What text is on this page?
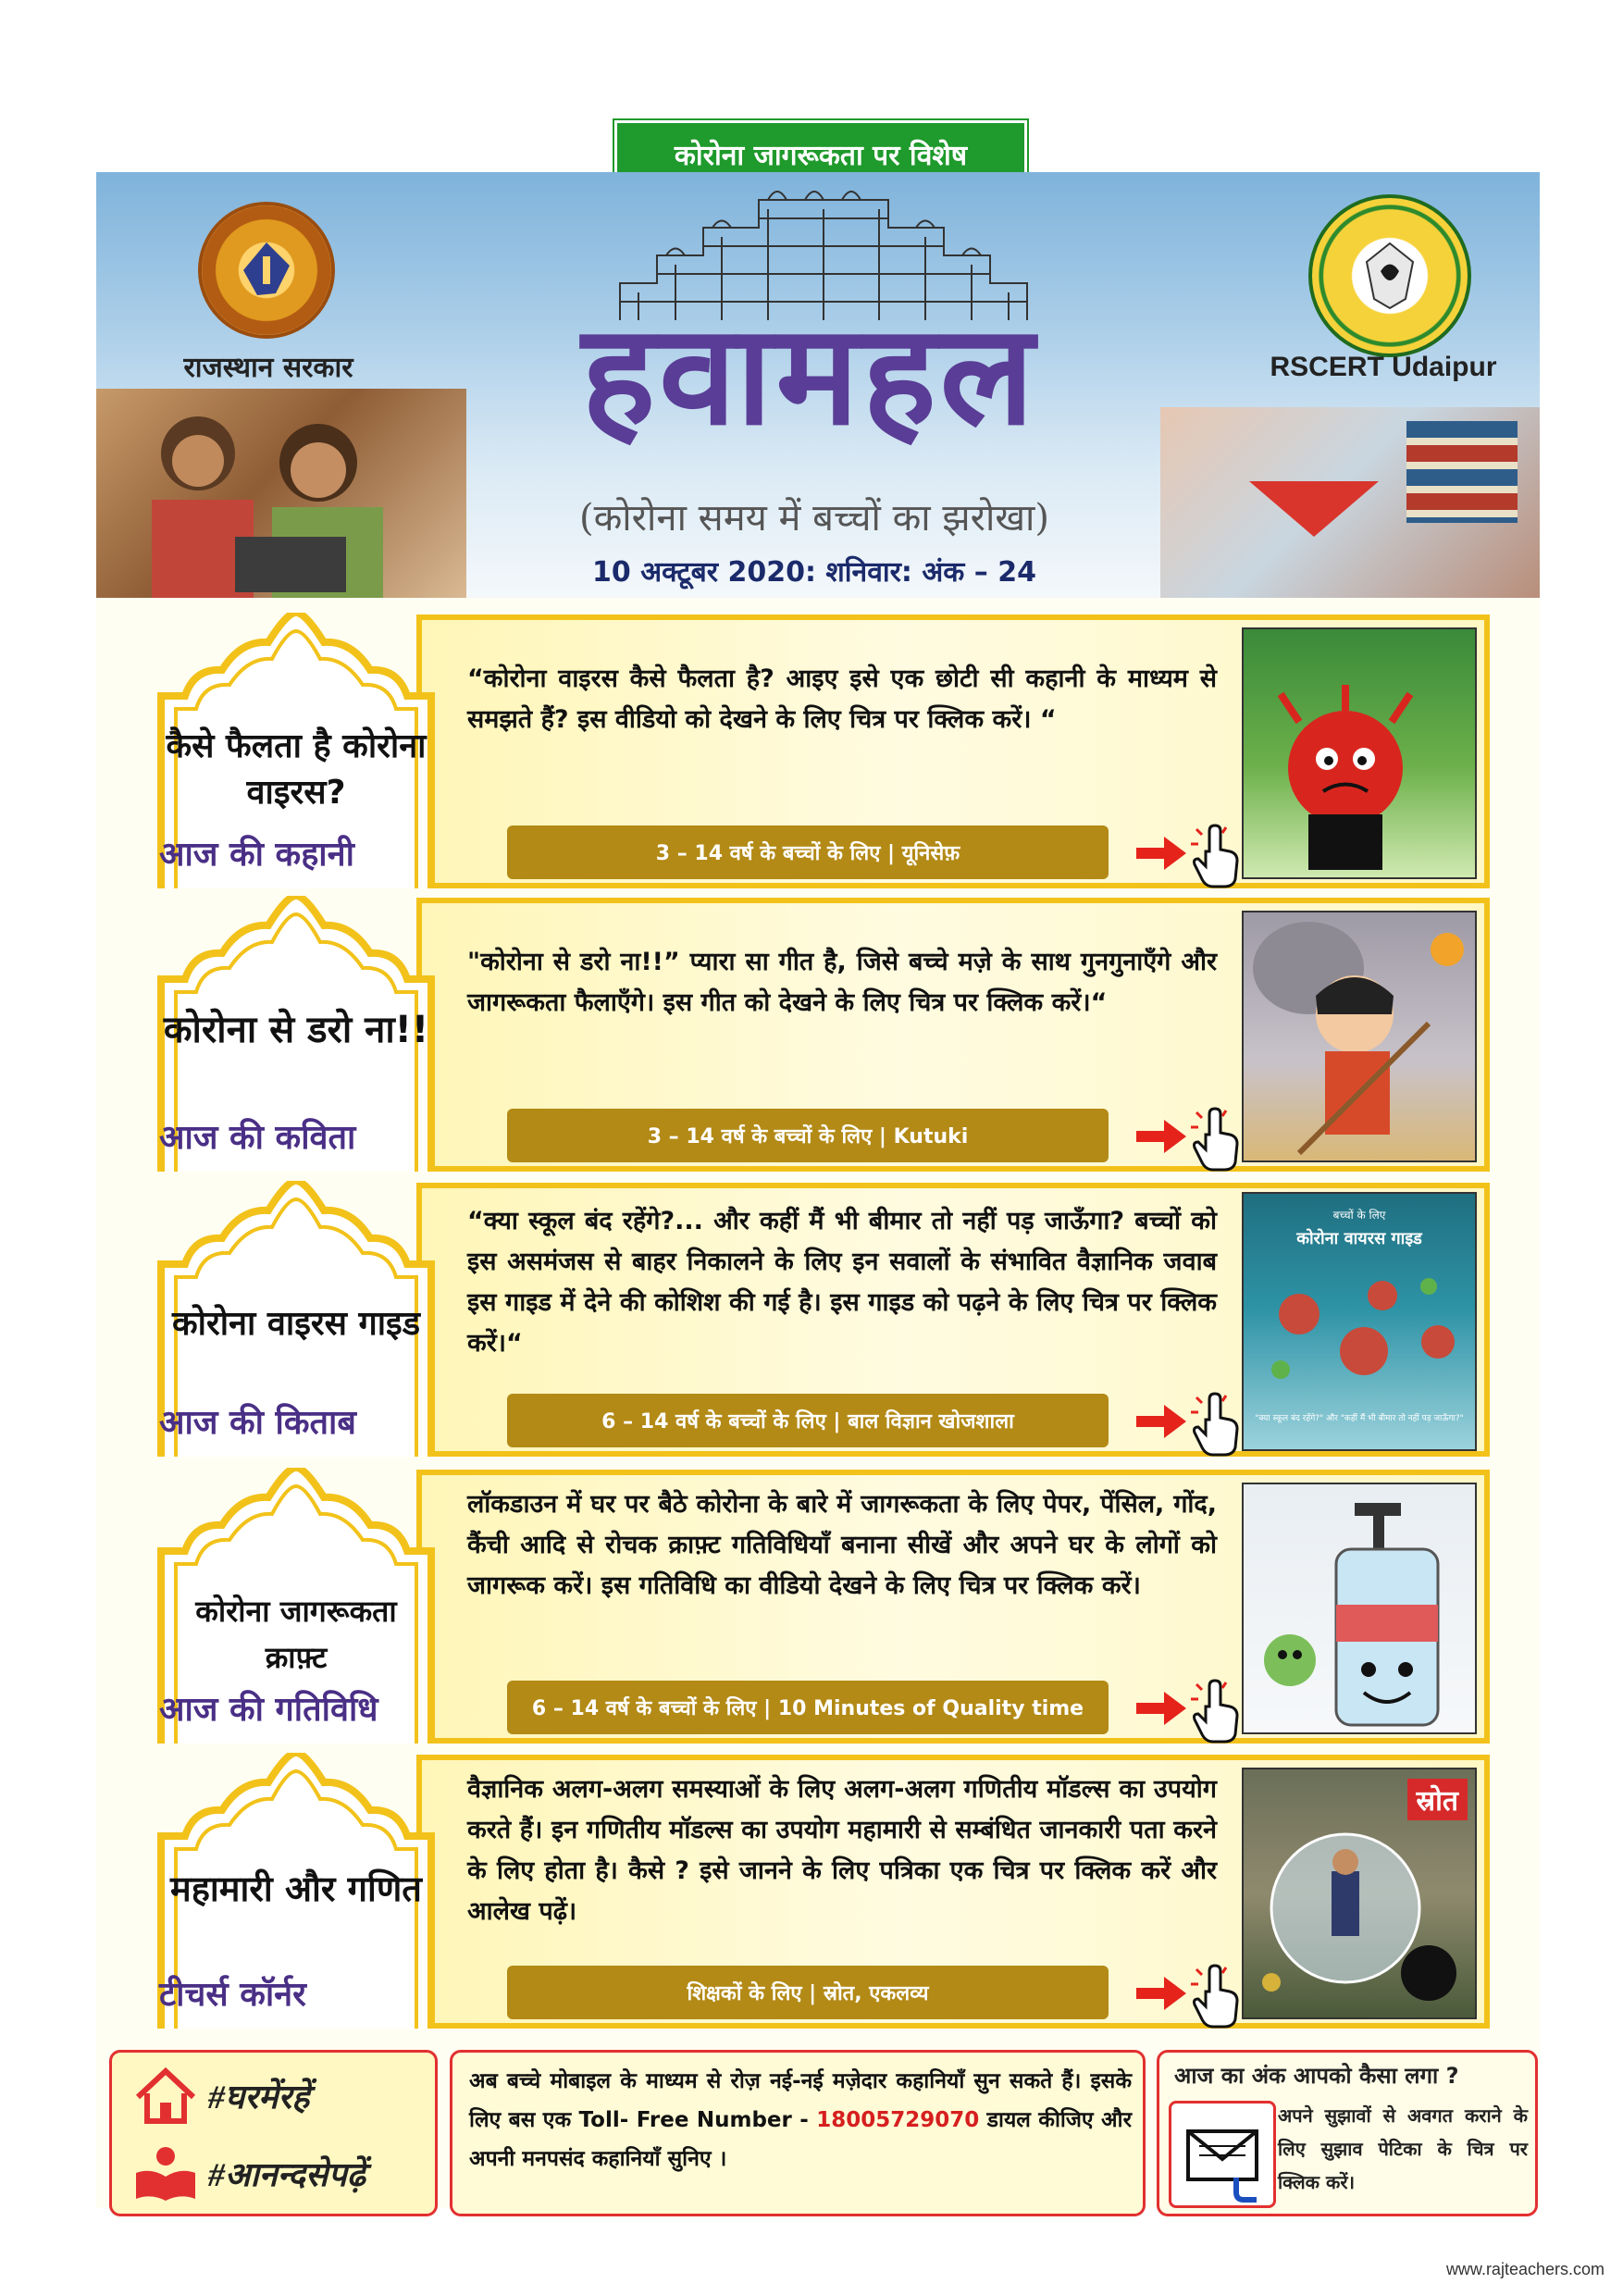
कोरोना जागरूकता पर विशेष
राजस्थान सरकार	RSCERT Udaipur
हवामहल
(कोरोना समय में बच्चों का झरोखा)
10 अक्टूबर 2020: शनिवार: अंक – 24
कैसे फैलता है कोरोना वाइरस?
आज की कहानी
“कोरोना वाइरस कैसे फैलता है? आइए इसे एक छोटी सी कहानी के माध्यम से समझते हैं? इस वीडियो को देखने के लिए चित्र पर क्लिक करें। “
3 – 14 वर्ष के बच्चों के लिए | यूनिसेफ़
कोरोना से डरो ना!!
आज की कविता
"कोरोना से डरो ना!!” प्यारा सा गीत है, जिसे बच्चे मज़े के साथ गुनगुनाएँगे और जागरूकता फैलाएँगे। इस गीत को देखने के लिए चित्र पर क्लिक करें।“
3 – 14 वर्ष के बच्चों के लिए | Kutuki
कोरोना वाइरस गाइड
आज की किताब
“क्या स्कूल बंद रहेंगे?... और कहीं मैं भी बीमार तो नहीं पड़ जाऊँगा? बच्चों को इस असमंजस से बाहर निकालने के लिए इन सवालों के संभावित वैज्ञानिक जवाब इस गाइड में देने की कोशिश की गई है। इस गाइड को पढ़ने के लिए चित्र पर क्लिक करें।“
6 – 14 वर्ष के बच्चों के लिए | बाल विज्ञान खोजशाला
बच्चों के लिए
कोरोना वायरस गाइड
"क्या स्कूल बंद रहेंगे?" और "कहीं मैं भी बीमार तो नहीं पड़ जाऊँगा?"
कोरोना जागरूकता क्राफ़्ट
आज की गतिविधि
लॉकडाउन में घर पर बैठे कोरोना के बारे में जागरूकता के लिए पेपर, पेंसिल, गोंद, कैंची आदि से रोचक क्राफ़्ट गतिविधियाँ बनाना सीखें और अपने घर के लोगों को जागरूक करें। इस गतिविधि का वीडियो देखने के लिए चित्र पर क्लिक करें।
6 – 14 वर्ष के बच्चों के लिए | 10 Minutes of Quality time
महामारी और गणित
टीचर्स कॉर्नर
वैज्ञानिक अलग-अलग समस्याओं के लिए अलग-अलग गणितीय मॉडल्स का उपयोग करते हैं। इन गणितीय मॉडल्स का उपयोग महामारी से सम्बंधित जानकारी पता करने के लिए होता है। कैसे ? इसे जानने के लिए पत्रिका एक चित्र पर क्लिक करें और आलेख पढ़ें।
शिक्षकों के लिए | स्रोत, एकलव्य
स्रोत
#घरमेंरहें
#आनन्दसेपढ़ें
अब बच्चे मोबाइल के माध्यम से रोज़ नई-नई मज़ेदार कहानियाँ सुन सकते हैं। इसके लिए बस एक Toll- Free Number - 18005729070 डायल कीजिए और अपनी मनपसंद कहानियाँ सुनिए ।
आज का अंक आपको कैसा लगा ?
अपने सुझावों से अवगत कराने के लिए सुझाव पेटिका के चित्र पर क्लिक करें।
www.rajteachers.com
